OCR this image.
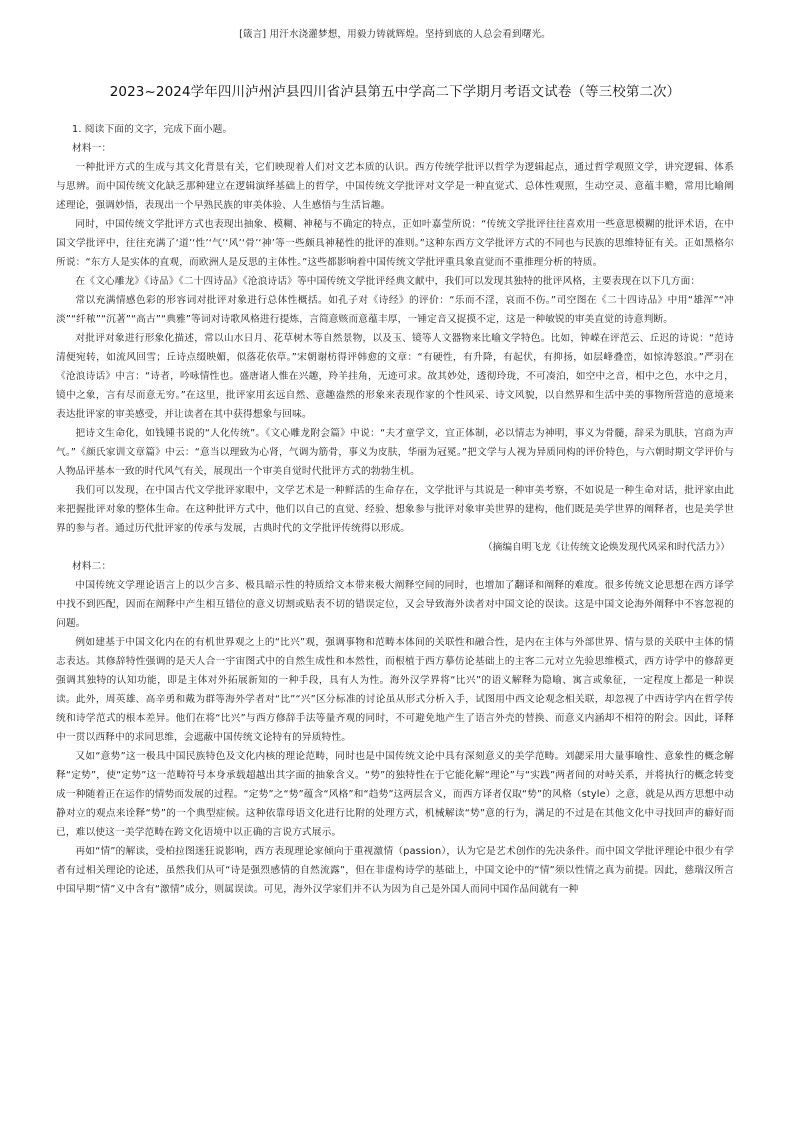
[箴言] 用汗水浇灌梦想，用毅力铸就辉煌。坚持到底的人总会看到曙光。

2023~2024学年四川泸州泸县四川省泸县第五中学高二下学期月考语文试卷（等三校第二次）

1. 阅读下面的文字，完成下面小题。

材料一：

一种批评方式的生成与其文化背景有关，它们映现着人们对文艺本质的认识。西方传统学批评以哲学为逻辑起点，通过哲学观照文学，讲究逻辑、体系与思辨。而中国传统文化缺乏那种建立在逻辑演绎基础上的哲学，中国传统文学批评对文学是一种直觉式、总体性观照，生动空灵、意蕴丰赡，常用比喻阐述理论，强调妙悟，表现出一个早熟民族的审美体验、人生感悟与生活旨趣。

同时，中国传统文学批评方式也表现出抽象、模糊、神秘与不确定的特点，正如叶嘉莹所说：“传统文学批评往往喜欢用一些意思模糊的批评术语，在中国文学批评中，往往充满了‘道’‘性’‘气’‘风’‘骨’‘神’等一些颇具神秘性的批评的准则。”这种东西方文学批评方式的不同也与民族的思维特征有关。正如黑格尔所说：“东方人是实体的直观，而欧洲人是反思的主体性。”这些都影响着中国传统文学批评重具象直觉而不重推理分析的特质。

在《文心雕龙》《诗品》《二十四诗品》《沧浪诗话》等中国传统文学批评经典文献中，我们可以发现其独特的批评风格，主要表现在以下几方面：

常以充满情感色彩的形容词对批评对象进行总体性概括。如孔子对《诗经》的评价：“乐而不淫，哀而不伤。”司空图在《二十四诗品》中用“雄浑”“冲淡”“纤秾”“沉著”“高古”“典雅”等词对诗歌风格进行提炼，言简意赅而意蕴丰厚，一锤定音又捉摸不定，这是一种敏锐的审美直觉的诗意判断。

对批评对象进行形象化描述，常以山水日月、花草树木等自然景物，以及玉、镜等人文器物来比喻文学特色。比如，钟嵘在评范云、丘迟的诗说：“范诗清便宛转，如流风回雪；丘诗点缀映媚，似落花依草。”宋朝谢枋得评韩愈的文章：“有硬性，有升降，有起伏，有抑扬，如层峰叠峦，如惊涛怒浪。”严羽在《沧浪诗话》中言：“诗者，吟咏情性也。盛唐诸人惟在兴趣，羚羊挂角，无迹可求。故其妙处，透彻玲珑，不可凑泊，如空中之音，相中之色，水中之月，镜中之象，言有尽而意无穷。”在这里，批评家用玄远自然、意趣盎然的形象来表现作家的个性风采、诗文风貌，以自然界和生活中美的事物所营造的意境来表达批评家的审美感受，并让读者在其中获得想象与回味。

把诗文生命化，如钱锺书说的“人化传统”。《文心雕龙附会篇》中说：“夫才童学文，宜正体制，必以情志为神明，事义为骨髓，辞采为肌肤，宫商为声气。”《颜氏家训文章篇》中云：“意当以理致为心肾，气调为筋骨，事义为皮肤，华丽为冠冕。”把文学与人视为异质同构的评价特色，与六朝时期文学评价与人物品评基本一致的时代风气有关，展现出一个审美自觉时代批评方式的勃勃生机。

我们可以发现，在中国古代文学批评家眼中，文学艺术是一种鲜活的生命存在，文学批评与其说是一种审美考察，不如说是一种生命对话，批评家由此来把握批评对象的整体生命。在这种批评方式中，他们以自己的直觉、经验、想象参与批评对象审美世界的建构，他们既是美学世界的阐释者，也是美学世界的参与者。通过历代批评家的传承与发展，古典时代的文学批评传统得以形成。

（摘编自明飞龙《让传统文论焕发现代风采和时代活力》）

材料二：

中国传统文学理论语言上的以少言多、极具暗示性的特质给文本带来极大阐释空间的同时，也增加了翻译和阐释的难度。很多传统文论思想在西方译学中找不到匹配，因而在阐释中产生相互错位的意义切割或贴表不切的错误定位，又会导致海外读者对中国文论的误读。这是中国文论海外阐释中不容忽视的问题。

例如建基于中国文化内在的有机世界观之上的“比兴”观，强调事物和范畴本体间的关联性和融合性，是内在主体与外部世界、情与景的关联中主体的情志表达。其修辞特性强调的是天人合一宇宙图式中的自然生成性和本然性，而根植于西方摹仿论基础上的主客二元对立先验思维模式，西方诗学中的修辞更强调其独特的认知功能，即是主体对外拓展新知的一种手段，具有人为性。海外汉学界将“比兴”的语义解释为隐喻、寓言或象征，一定程度上都是一种误读。此外，周英雄、高辛勇和戴为群等海外学者对“比”“兴”区分标准的讨论虽从形式分析入手，试图用中西文论观念相关联，却忽视了中西诗学内在哲学传统和诗学范式的根本差异。他们在将“比兴”与西方修辞手法等量齐观的同时，不可避免地产生了语言外壳的替换、而意义内涵却不相符的附会。因此，译释中一贯以西释中的求同思维，会遮蔽中国传统文论特有的异质特性。

又如“意势”这一极具中国民族特色及文化内核的理论范畴，同时也是中国传统文论中具有深刻意义的美学范畴。刘勰采用大量事喻性、意象性的概念解释“定势”，使“定势”这一范畴符号本身承载超越出其字面的抽象含义。“势”的独特性在于它能化解“理论”与“实践”两者间的对峙关系，并将执行的概念转变成一种随着正在运作的情势而发展的过程。“定势”之“势”蕴含“风格”和“趋势”这两层含义，而西方译者仅取“势”的风格（style）之意，就是从西方思想中动静对立的观点来诠释“势”的一个典型症候。这种依靠母语文化进行比附的处理方式，机械解读“势”意的行为，满足的不过是在其他文化中寻找回声的癖好而已，难以使这一美学范畴在跨文化语境中以正确的言说方式展示。

再如“情”的解读，受柏拉图迷狂说影响，西方表现理论家倾向于重视激情（passion），认为它是艺术创作的先决条件。而中国文学批评理论中很少有学者有过相关理论的论述，虽然我们从可“诗是强烈感情的自然流露”，但在非虚构诗学的基础上，中国文论中的“情”须以性情之真为前提。因此，慈瑞汉所言中国早期“情”义中含有“激情”成分，则属误读。可见，海外汉学家们并不认为因为自己是外国人而同中国作品间就有一种
